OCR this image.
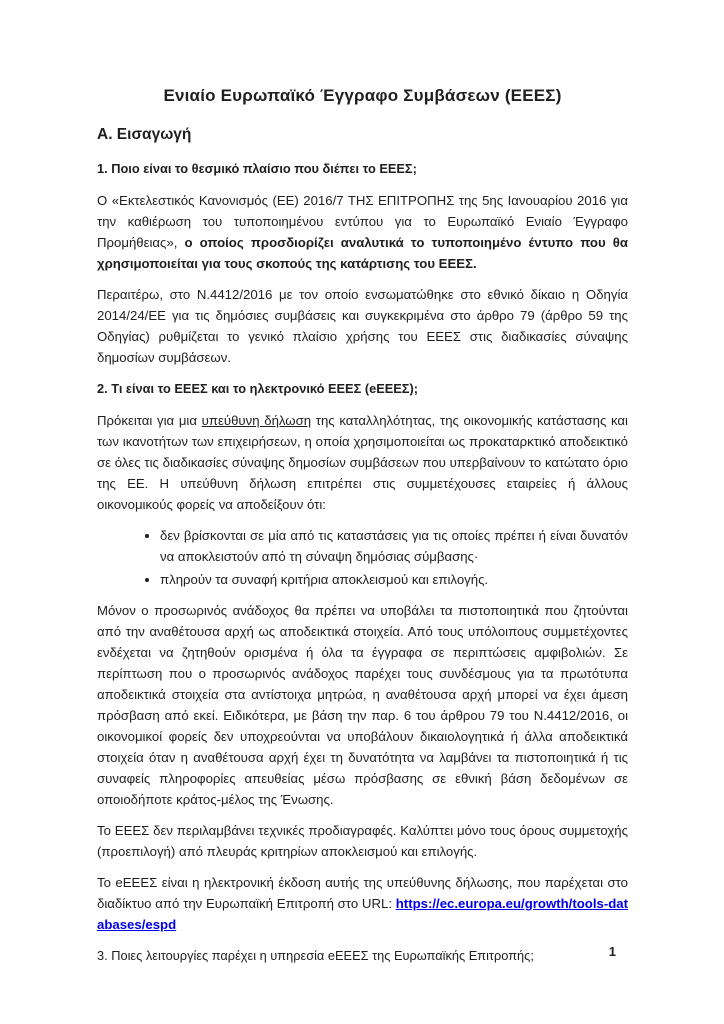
Ενιαίο Ευρωπαϊκό Έγγραφο Συμβάσεων (ΕΕΕΣ)
Α. Εισαγωγή
1. Ποιο είναι το θεσμικό πλαίσιο που διέπει το ΕΕΕΣ;

Ο «Εκτελεστικός Κανονισμός (ΕΕ) 2016/7 ΤΗΣ ΕΠΙΤΡΟΠΗΣ της 5ης Ιανουαρίου 2016 για την καθιέρωση του τυποποιημένου εντύπου για το Ευρωπαϊκό Ενιαίο Έγγραφο Προμήθειας», ο οποίος προσδιορίζει αναλυτικά το τυποποιημένο έντυπο που θα χρησιμοποιείται για τους σκοπούς της κατάρτισης του ΕΕΕΣ.

Περαιτέρω, στο Ν.4412/2016 με τον οποίο ενσωματώθηκε στο εθνικό δίκαιο η Οδηγία 2014/24/ΕΕ για τις δημόσιες συμβάσεις και συγκεκριμένα στο άρθρο 79 (άρθρο 59 της Οδηγίας) ρυθμίζεται το γενικό πλαίσιο χρήσης του ΕΕΕΣ στις διαδικασίες σύναψης δημοσίων συμβάσεων.

2. Τι είναι το ΕΕΕΣ και το ηλεκτρονικό ΕΕΕΣ (eΕΕΕΣ);

Πρόκειται για μια υπεύθυνη δήλωση της καταλληλότητας, της οικονομικής κατάστασης και των ικανοτήτων των επιχειρήσεων, η οποία χρησιμοποιείται ως προκαταρκτικό αποδεικτικό σε όλες τις διαδικασίες σύναψης δημοσίων συμβάσεων που υπερβαίνουν το κατώτατο όριο της ΕΕ. Η υπεύθυνη δήλωση επιτρέπει στις συμμετέχουσες εταιρείες ή άλλους οικονομικούς φορείς να αποδείξουν ότι:

• δεν βρίσκονται σε μία από τις καταστάσεις για τις οποίες πρέπει ή είναι δυνατόν να αποκλειστούν από τη σύναψη δημόσιας σύμβασης·
• πληρούν τα συναφή κριτήρια αποκλεισμού και επιλογής.

Μόνον ο προσωρινός ανάδοχος θα πρέπει να υποβάλει τα πιστοποιητικά που ζητούνται από την αναθέτουσα αρχή ως αποδεικτικά στοιχεία. Από τους υπόλοιπους συμμετέχοντες ενδέχεται να ζητηθούν ορισμένα ή όλα τα έγγραφα σε περιπτώσεις αμφιβολιών. Σε περίπτωση που ο προσωρινός ανάδοχος παρέχει τους συνδέσμους για τα πρωτότυπα αποδεικτικά στοιχεία στα αντίστοιχα μητρώα, η αναθέτουσα αρχή μπορεί να έχει άμεση πρόσβαση από εκεί. Ειδικότερα, με βάση την παρ. 6 του άρθρου 79 του Ν.4412/2016, οι οικονομικοί φορείς δεν υποχρεούνται να υποβάλουν δικαιολογητικά ή άλλα αποδεικτικά στοιχεία όταν η αναθέτουσα αρχή έχει τη δυνατότητα να λαμβάνει τα πιστοποιητικά ή τις συναφείς πληροφορίες απευθείας μέσω πρόσβασης σε εθνική βάση δεδομένων σε οποιοδήποτε κράτος-μέλος της Ένωσης.

Το ΕΕΕΣ δεν περιλαμβάνει τεχνικές προδιαγραφές. Καλύπτει μόνο τους όρους συμμετοχής (προεπιλογή) από πλευράς κριτηρίων αποκλεισμού και επιλογής.

Το eΕΕΕΣ είναι η ηλεκτρονική έκδοση αυτής της υπεύθυνης δήλωσης, που παρέχεται στο διαδίκτυο από την Ευρωπαϊκή Επιτροπή στο URL: https://ec.europa.eu/growth/tools-databases/espd

3. Ποιες λειτουργίες παρέχει η υπηρεσία eΕΕΕΣ της Ευρωπαϊκής Επιτροπής;	1
